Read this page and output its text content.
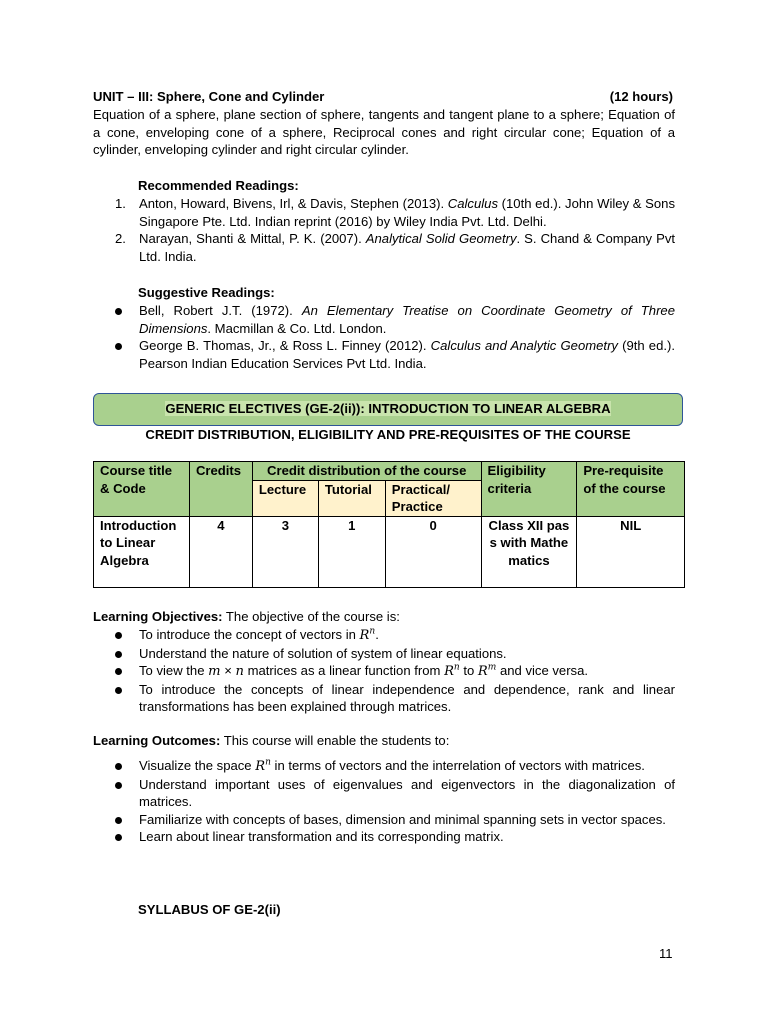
UNIT – III: Sphere, Cone and Cylinder	(12 hours)
Equation of a sphere, plane section of sphere, tangents and tangent plane to a sphere; Equation of a cone, enveloping cone of a sphere, Reciprocal cones and right circular cone; Equation of a cylinder, enveloping cylinder and right circular cylinder.
Recommended Readings:
1. Anton, Howard, Bivens, Irl, & Davis, Stephen (2013). Calculus (10th ed.). John Wiley & Sons Singapore Pte. Ltd. Indian reprint (2016) by Wiley India Pvt. Ltd. Delhi.
2. Narayan, Shanti & Mittal, P. K. (2007). Analytical Solid Geometry. S. Chand & Company Pvt Ltd. India.
Suggestive Readings:
Bell, Robert J.T. (1972). An Elementary Treatise on Coordinate Geometry of Three Dimensions. Macmillan & Co. Ltd. London.
George B. Thomas, Jr., & Ross L. Finney (2012). Calculus and Analytic Geometry (9th ed.). Pearson Indian Education Services Pvt Ltd. India.
GENERIC ELECTIVES (GE-2(ii)): INTRODUCTION TO LINEAR ALGEBRA
CREDIT DISTRIBUTION, ELIGIBILITY AND PRE-REQUISITES OF THE COURSE
Course title & Code	Credits	Credit distribution of the course			Eligibility criteria	Pre-requisite of the course
		Lecture	Tutorial	Practical/ Practice		
Introduction to Linear Algebra	4	3	1	0	Class XII pass with Mathematics	NIL
Learning Objectives: The objective of the course is:
To introduce the concept of vectors in $R^n$.
Understand the nature of solution of system of linear equations.
To view the m × n matrices as a linear function from $R^n$ to $R^m$ and vice versa.
To introduce the concepts of linear independence and dependence, rank and linear transformations has been explained through matrices.
Learning Outcomes: This course will enable the students to:
Visualize the space $R^n$ in terms of vectors and the interrelation of vectors with matrices.
Understand important uses of eigenvalues and eigenvectors in the diagonalization of matrices.
Familiarize with concepts of bases, dimension and minimal spanning sets in vector spaces.
Learn about linear transformation and its corresponding matrix.
SYLLABUS OF GE-2(ii)
11
